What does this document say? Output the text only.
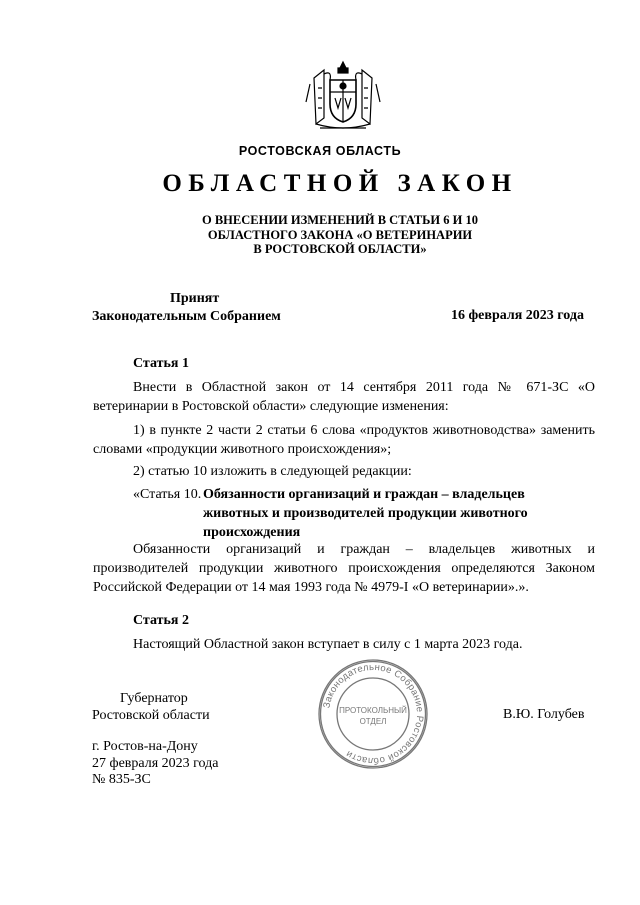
РОСТОВСКАЯ ОБЛАСТЬ
ОБЛАСТНОЙ ЗАКОН
О ВНЕСЕНИИ ИЗМЕНЕНИЙ В СТАТЬИ 6 И 10
ОБЛАСТНОГО ЗАКОНА «О ВЕТЕРИНАРИИ
В РОСТОВСКОЙ ОБЛАСТИ»
Принят
Законодательным Собранием	16 февраля 2023 года
Статья 1

Внести в Областной закон от 14 сентября 2011 года № 671-ЗС «О ветеринарии в Ростовской области» следующие изменения:

1) в пункте 2 части 2 статьи 6 слова «продуктов животноводства» заменить словами «продукции животного происхождения»;

2) статью 10 изложить в следующей редакции:

«Статья 10. Обязанности организаций и граждан – владельцев животных и производителей продукции животного происхождения

Обязанности организаций и граждан – владельцев животных и производителей продукции животного происхождения определяются Законом Российской Федерации от 14 мая 1993 года № 4979-I «О ветеринарии».».

Статья 2

Настоящий Областной закон вступает в силу с 1 марта 2023 года.

Законодательное Собрание Ростовской области
ПРОТОКОЛЬНЫЙ
ОТДЕЛ
Губернатор
Ростовской области	В.Ю. Голубев
г. Ростов-на-Дону
27 февраля 2023 года
№ 835-ЗС
